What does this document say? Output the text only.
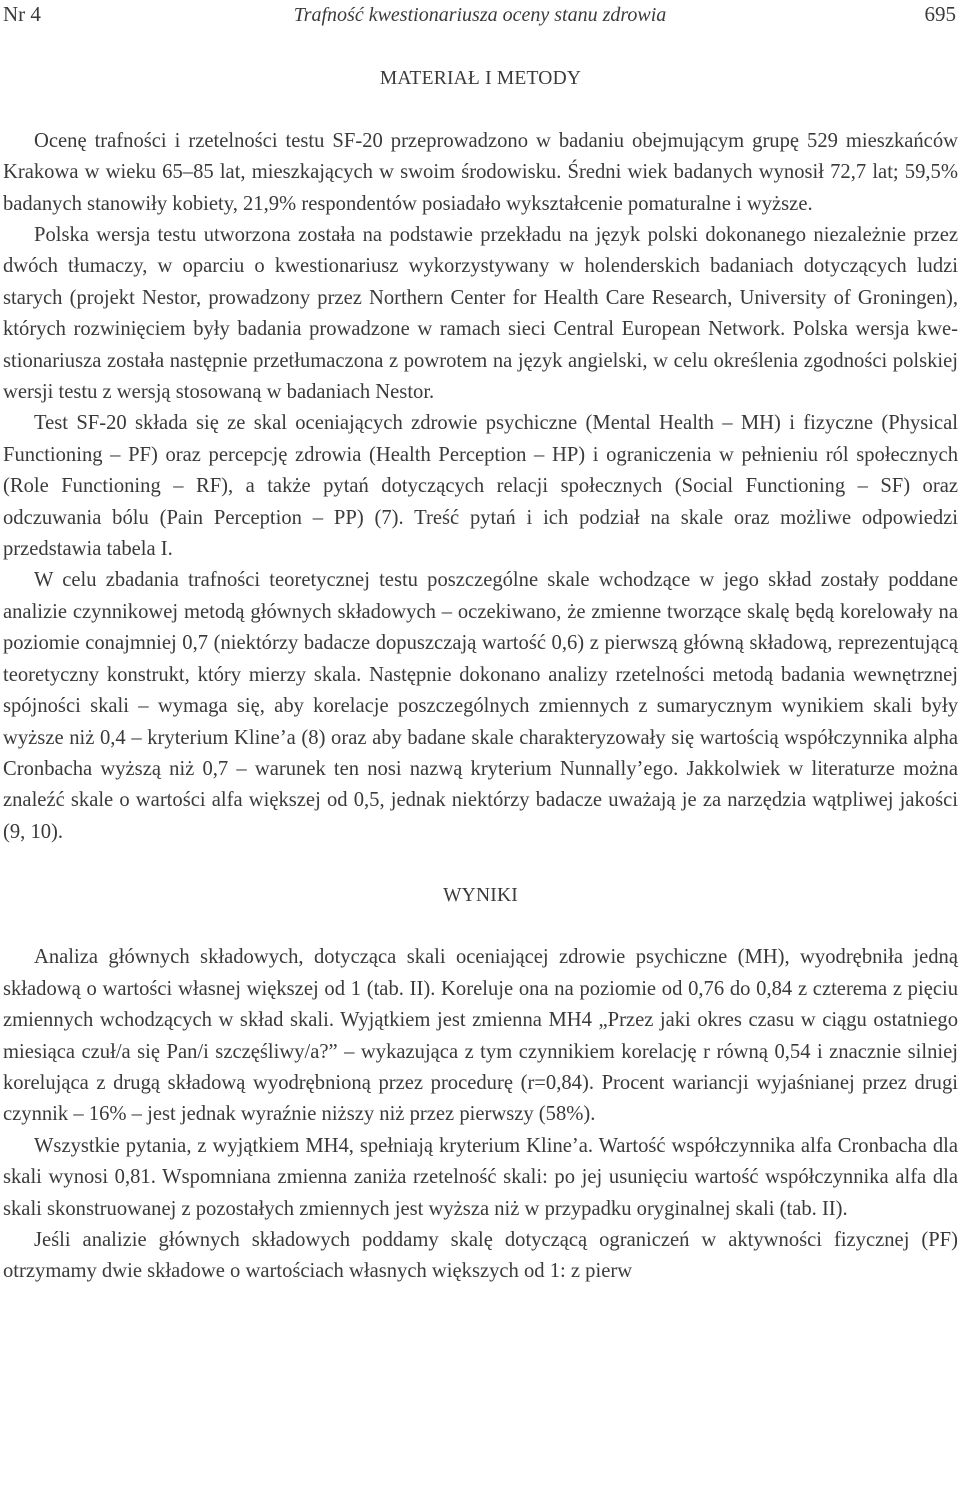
Nr 4	Trafność kwestionariusza oceny stanu zdrowia	695
MATERIAŁ I METODY

Ocenę trafności i rzetelności testu SF-20 przeprowadzono w badaniu obejmującym grupę 529 mieszkańców Krakowa w wieku 65–85 lat, mieszkających w swoim środowisku. Średni wiek badanych wynosił 72,7 lat; 59,5% badanych stanowiły kobiety, 21,9% respondentów posiadało wykształcenie pomaturalne i wyższe.

Polska wersja testu utworzona została na podstawie przekładu na język polski dokonanego niezależnie przez dwóch tłumaczy, w oparciu o kwestionariusz wykorzystywany w holenderskich badaniach dotyczących ludzi starych (projekt Nestor, prowadzony przez Northern Center for Health Care Research, University of Groningen), których rozwinięciem były badania prowadzone w ramach sieci Central European Network. Polska wersja kwestionariusza została następnie przetłumaczona z powrotem na język angielski, w celu określenia zgodności polskiej wersji testu z wersją stosowaną w badaniach Nestor.

Test SF-20 składa się ze skal oceniających zdrowie psychiczne (Mental Health – MH) i fizyczne (Physical Functioning – PF) oraz percepcję zdrowia (Health Perception – HP) i ograniczenia w pełnieniu ról społecznych (Role Functioning – RF), a także pytań dotyczących relacji społecznych (Social Functioning – SF) oraz odczuwania bólu (Pain Perception – PP) (7). Treść pytań i ich podział na skale oraz możliwe odpowiedzi przedstawia tabela I.

W celu zbadania trafności teoretycznej testu poszczególne skale wchodzące w jego skład zostały poddane analizie czynnikowej metodą głównych składowych – oczekiwano, że zmienne tworzące skalę będą korelowały na poziomie conajmniej 0,7 (niektórzy badacze dopuszczają wartość 0,6) z pierwszą główną składową, reprezentującą teoretyczny konstrukt, który mierzy skala. Następnie dokonano analizy rzetelności metodą badania wewnętrznej spójności skali – wymaga się, aby korelacje poszczególnych zmiennych z sumarycznym wynikiem skali były wyższe niż 0,4 – kryterium Kline’a (8) oraz aby badane skale charakteryzowały się wartością współczynnika alpha Cronbacha wyższą niż 0,7 – warunek ten nosi nazwą kryterium Nunnally’ego. Jakkolwiek w literaturze można znaleźć skale o wartości alfa większej od 0,5, jednak niektórzy badacze uważają je za narzędzia wątpliwej jakości (9, 10).

WYNIKI

Analiza głównych składowych, dotycząca skali oceniającej zdrowie psychiczne (MH), wyodrębniła jedną składową o wartości własnej większej od 1 (tab. II). Koreluje ona na poziomie od 0,76 do 0,84 z czterema z pięciu zmiennych wchodzących w skład skali. Wyjątkiem jest zmienna MH4 „Przez jaki okres czasu w ciągu ostatniego miesiąca czuł/a się Pan/i szczęśliwy/a?” – wykazująca z tym czynnikiem korelację r równą 0,54 i znacznie silniej korelująca z drugą składową wyodrębnioną przez procedurę (r=0,84). Procent wariancji wyjaśnianej przez drugi czynnik – 16% – jest jednak wyraźnie niższy niż przez pierwszy (58%).

Wszystkie pytania, z wyjątkiem MH4, spełniają kryterium Kline’a. Wartość współczynnika alfa Cronbacha dla skali wynosi 0,81. Wspomniana zmienna zaniża rzetelność skali: po jej usunięciu wartość współczynnika alfa dla skali skonstruowanej z pozostałych zmiennych jest wyższa niż w przypadku oryginalnej skali (tab. II).

Jeśli analizie głównych składowych poddamy skalę dotyczącą ograniczeń w aktywności fizycznej (PF) otrzymamy dwie składowe o wartościach własnych większych od 1: z pierw
